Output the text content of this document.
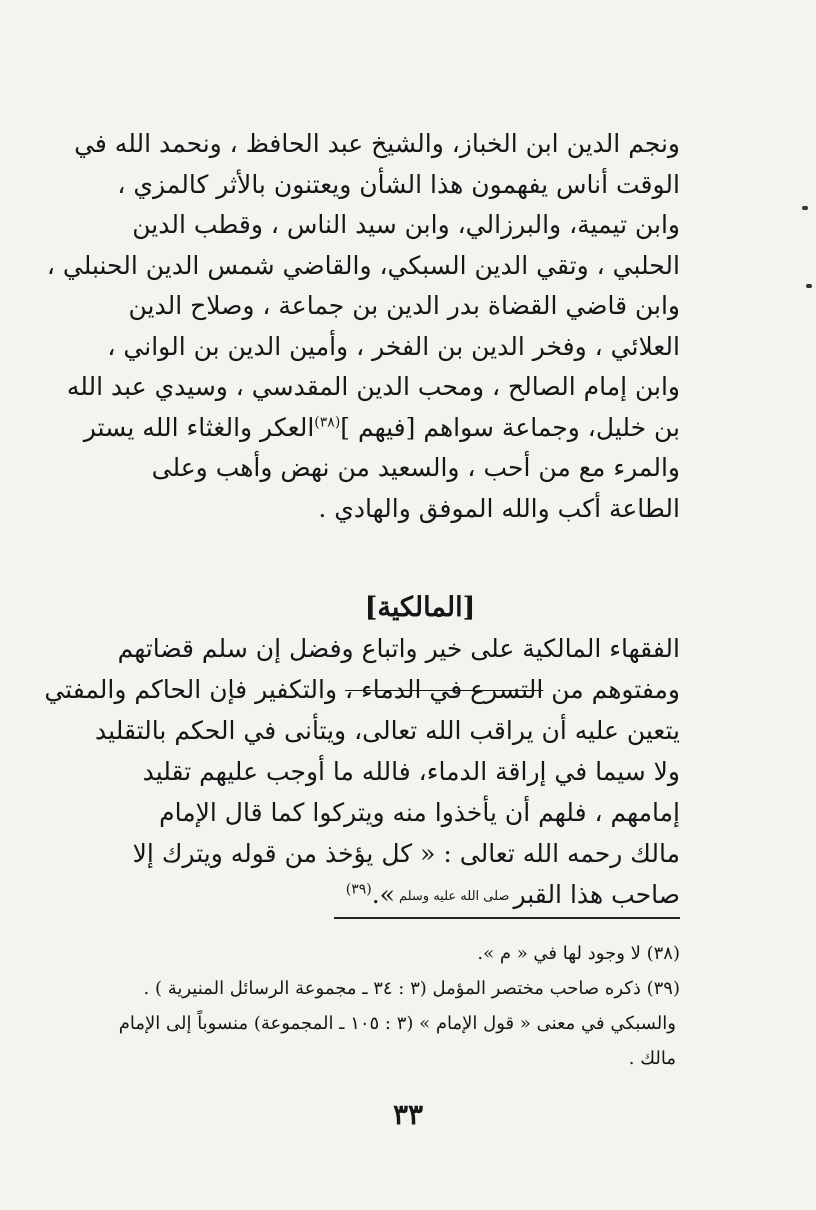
ونجم الدين ابن الخباز، والشيخ عبد الحافظ ، ونحمد الله في
الوقت أناس يفهمون هذا الشأن ويعتنون بالأثر كالمزي ،
وابن تيمية، والبرزالي، وابن سيد الناس ، وقطب الدين
الحلبي ، وتقي الدين السبكي، والقاضي شمس الدين الحنبلي ،
وابن قاضي القضاة بدر الدين بن جماعة ، وصلاح الدين
العلائي ، وفخر الدين بن الفخر ، وأمين الدين بن الواني ،
وابن إمام الصالح ، ومحب الدين المقدسي ، وسيدي عبد الله
بن خليل، وجماعة سواهم [فيهم ]$^{(٣٨)}$العكر والغثاء الله يستر
والمرء مع من أحب ، والسعيد من نهض وأهب وعلى
الطاعة أكب والله الموفق والهادي .
[المالكية]
الفقهاء المالكية على خير واتباع وفضل إن سلم قضاتهم
ومفتوهم من التسرع في الدماء ، والتكفير فإن الحاكم والمفتي
يتعين عليه أن يراقب الله تعالى، ويتأنى في الحكم بالتقليد
ولا سيما في إراقة الدماء، فالله ما أوجب عليهم تقليد
إمامهم ، فلهم أن يأخذوا منه ويتركوا كما قال الإمام
مالك رحمه الله تعالى : « كل يؤخذ من قوله ويترك إلا
صاحب هذا القبرصلى الله عليه وسلم».$^{(٣٩)}$
(٣٨) لا وجود لها في « م ».
(٣٩) ذكره صاحب مختصر المؤمل (٣ : ٣٤ ـ مجموعة الرسائل المنيرية ) .
والسبكي في معنى « قول الإمام » (٣ : ١٠٥ ـ المجموعة) منسوباً إلى الإمام
مالك .
٣٣
